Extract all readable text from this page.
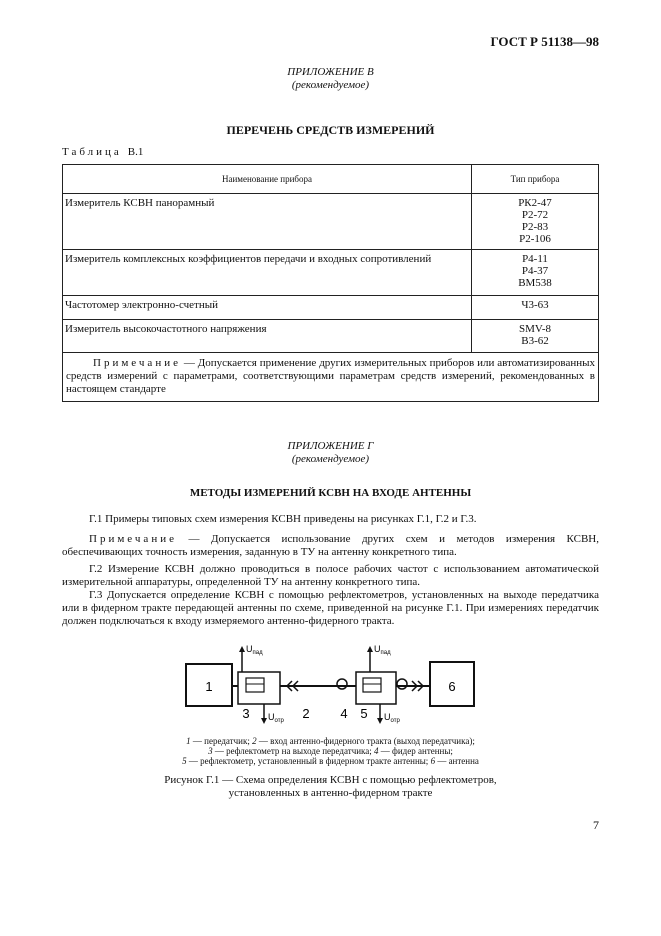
ГОСТ Р 51138—98
ПРИЛОЖЕНИЕ В
(рекомендуемое)
ПЕРЕЧЕНЬ СРЕДСТВ ИЗМЕРЕНИЙ
Таблица В.1
Наименование прибора	Тип прибора
Измеритель КСВН панорамный	РК2-47
Р2-72
Р2-83
Р2-106

Измеритель комплексных коэффициентов передачи и входных сопротивлений	Р4-11
Р4-37
ВМ538

Частотомер электронно-счетный	Ч3-63

Измеритель высокочастотного напряжения	SMV-8
В3-62

Примечание — Допускается применение других измерительных приборов или автоматизированных средств измерений с параметрами, соответствующими параметрам средств измерений, рекомендованных в настоящем стандарте	
ПРИЛОЖЕНИЕ Г
(рекомендуемое)
МЕТОДЫ ИЗМЕРЕНИЙ КСВН НА ВХОДЕ АНТЕННЫ
Г.1 Примеры типовых схем измерения КСВН приведены на рисунках Г.1, Г.2 и Г.3.
Примечание — Допускается использование других схем и методов измерения КСВН, обеспечивающих точность измерения, заданную в ТУ на антенну конкретного типа.
Г.2 Измерение КСВН должно проводиться в полосе рабочих частот с использованием автоматической измерительной аппаратуры, определенной ТУ на антенну конкретного типа.
Г.3 Допускается определение КСВН с помощью рефлектометров, установленных на выходе передатчика или в фидерном тракте передающей антенны по схеме, приведенной на рисунке Г.1. При измерениях передатчик должен подключаться к входу измеряемого антенно-фидерного тракта.
1	6
$U_{пад}$
$U_{отр}$
3	2 4
$U_{пад}$
$U_{отр}$
5
1 — передатчик; 2 — вход антенно-фидерного тракта (выход передатчика);
3 — рефлектометр на выходе передатчика; 4 — фидер антенны;
5 — рефлектометр, установленный в фидерном тракте антенны; 6 — антенна
Рисунок Г.1 — Схема определения КСВН с помощью рефлектометров,
установленных в антенно-фидерном тракте
7
